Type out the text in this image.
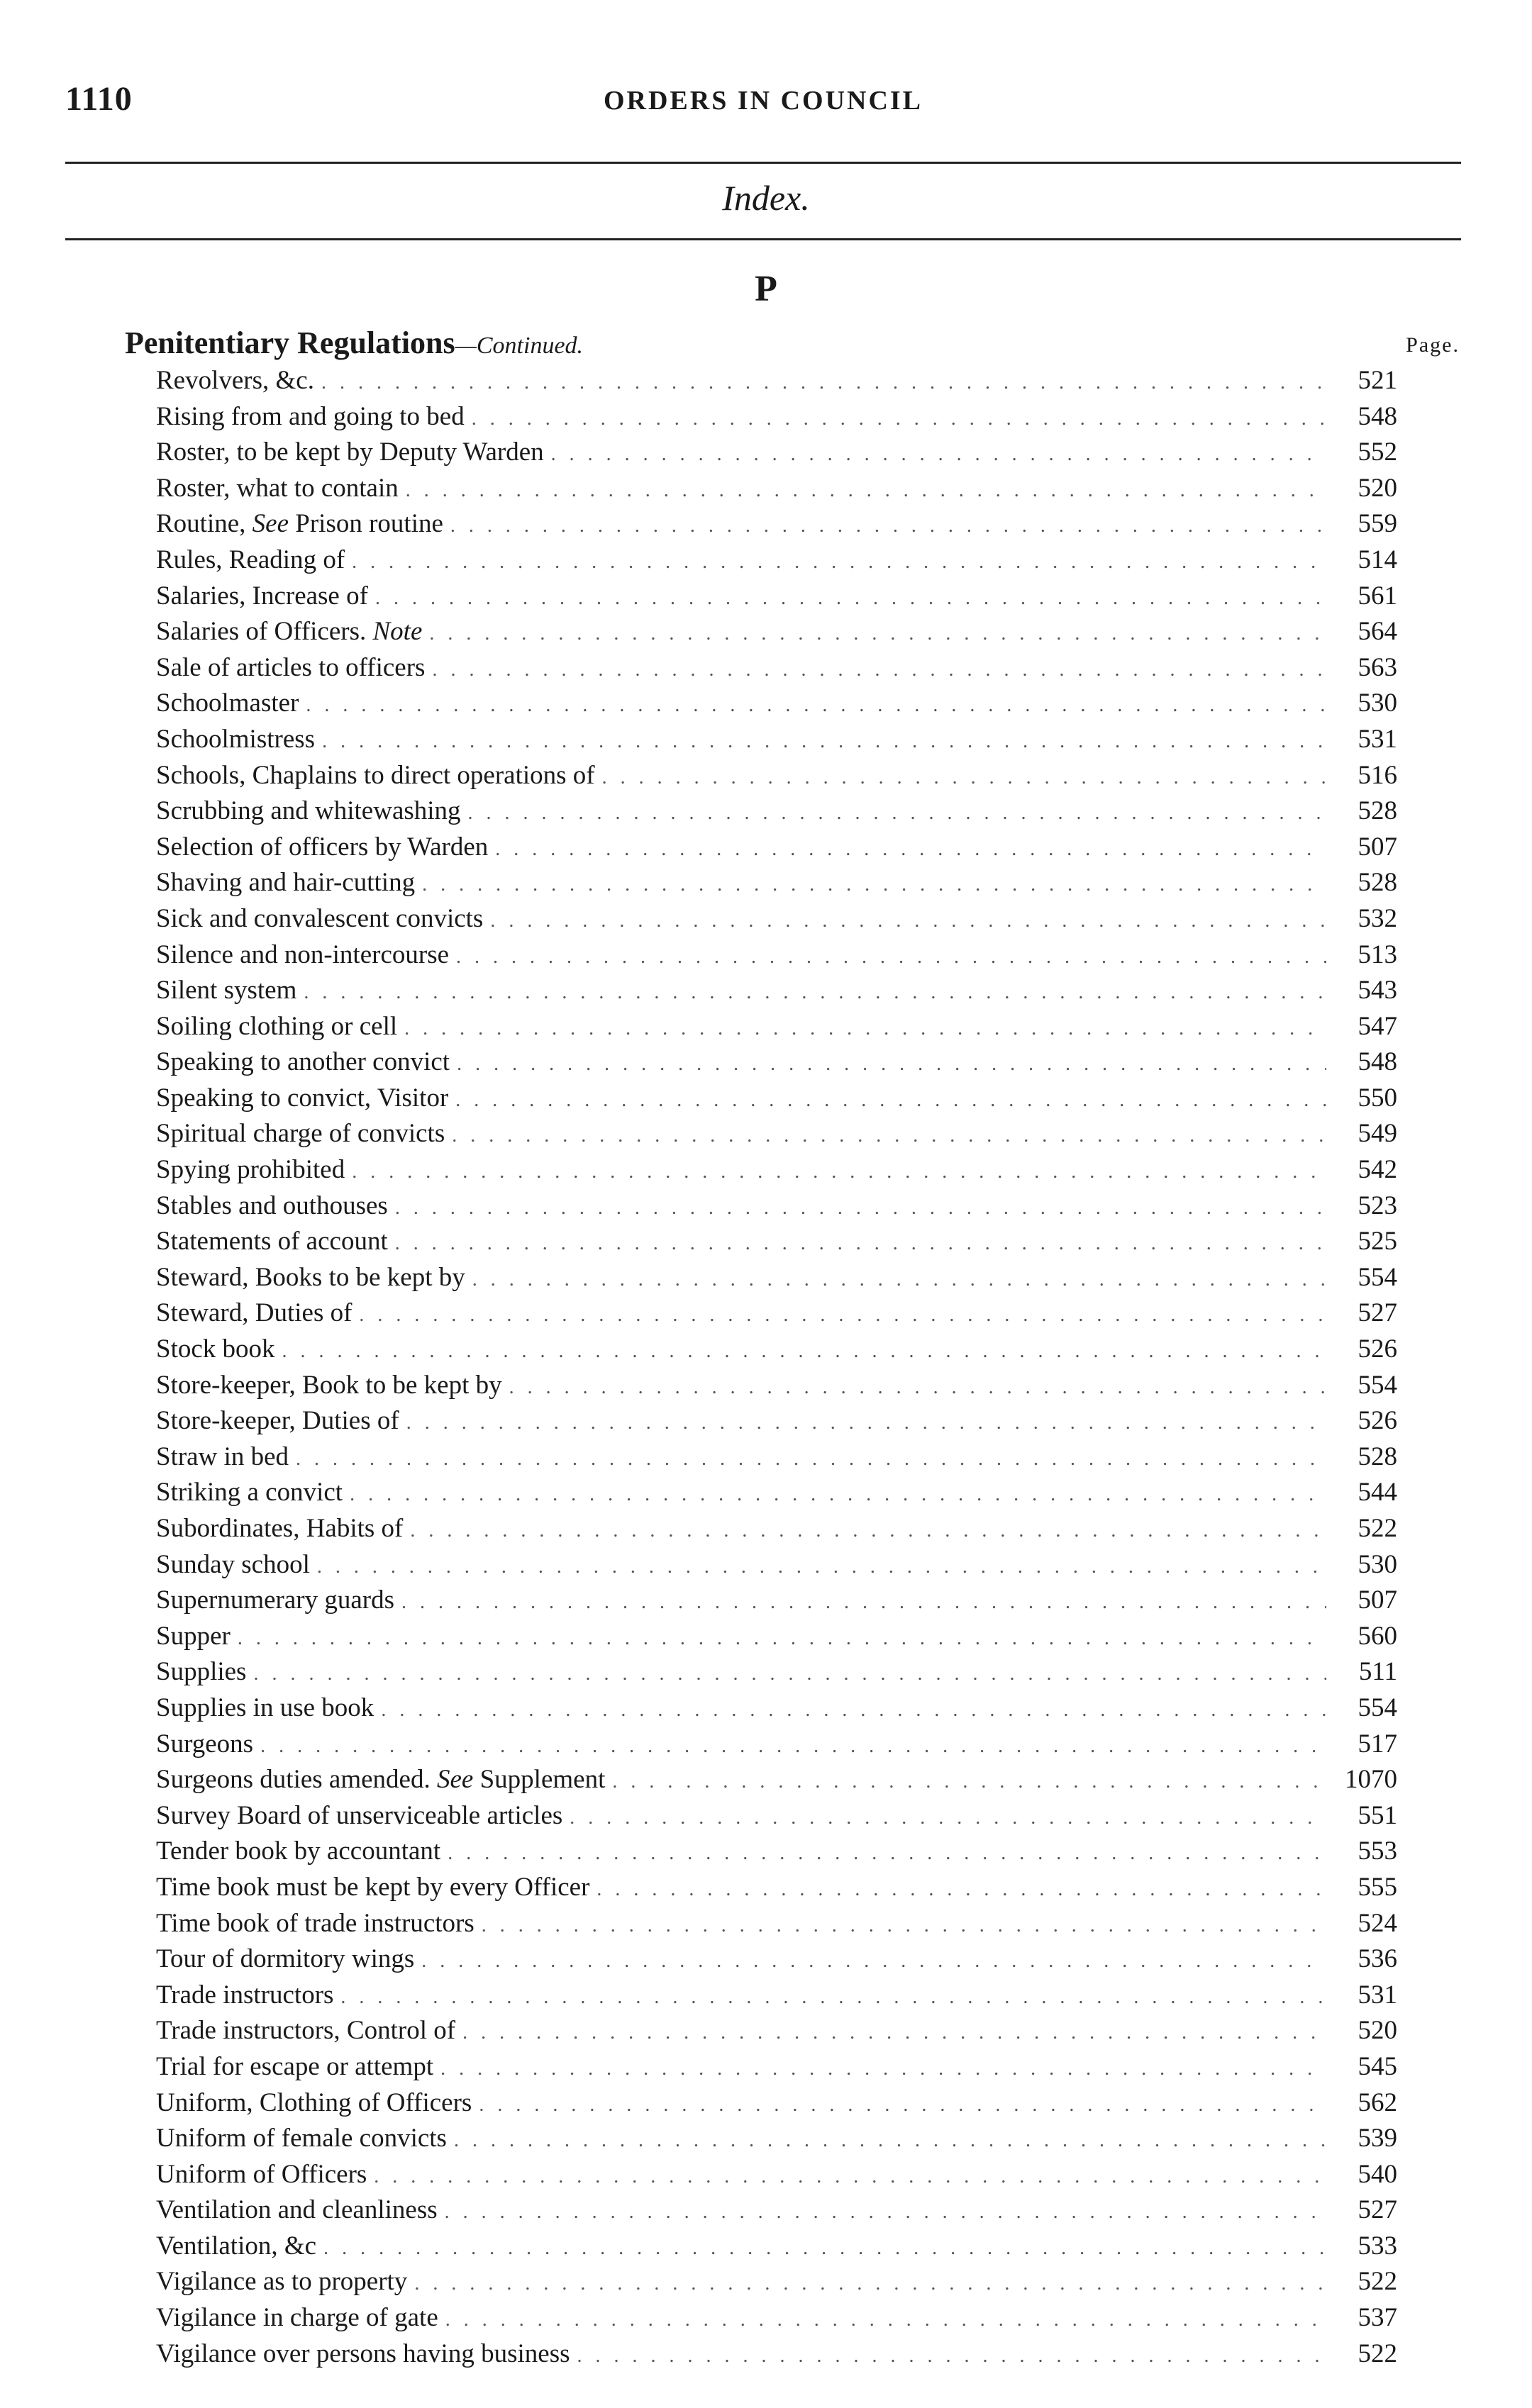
1110	ORDERS IN COUNCIL
Index.
P
Penitentiary Regulations—Continued.	Page.
Revolvers, &c. . . .	521
Rising from and going to bed . . .	548
Roster, to be kept by Deputy Warden . . .	552
Roster, what to contain . . .	520
Routine, See Prison routine . . .	559
Rules, Reading of . . .	514
Salaries, Increase of . . .	561
Salaries of Officers. Note . . .	564
Sale of articles to officers . . .	563
Schoolmaster . . .	530
Schoolmistress . . .	531
Schools, Chaplains to direct operations of . . .	516
Scrubbing and whitewashing . . .	528
Selection of officers by Warden . . .	507
Shaving and hair-cutting . . .	528
Sick and convalescent convicts . . .	532
Silence and non-intercourse . . .	513
Silent system . . .	543
Soiling clothing or cell . . .	547
Speaking to another convict . . .	548
Speaking to convict, Visitor . . .	550
Spiritual charge of convicts . . .	549
Spying prohibited . . .	542
Stables and outhouses . . .	523
Statements of account . . .	525
Steward, Books to be kept by . . .	554
Steward, Duties of . . .	527
Stock book . . .	526
Store-keeper, Book to be kept by . . .	554
Store-keeper, Duties of . . .	526
Straw in bed . . .	528
Striking a convict . . .	544
Subordinates, Habits of . . .	522
Sunday school . . .	530
Supernumerary guards . . .	507
Supper . . .	560
Supplies . . .	511
Supplies in use book . . .	554
Surgeons . . .	517
Surgeons duties amended. See Supplement . . .	1070
Survey Board of unserviceable articles . . .	551
Tender book by accountant . . .	553
Time book must be kept by every Officer . . .	555
Time book of trade instructors . . .	524
Tour of dormitory wings . . .	536
Trade instructors . . .	531
Trade instructors, Control of . . .	520
Trial for escape or attempt . . .	545
Uniform, Clothing of Officers . . .	562
Uniform of female convicts . . .	539
Uniform of Officers . . .	540
Ventilation and cleanliness . . .	527
Ventilation, &c . . .	533
Vigilance as to property . . .	522
Vigilance in charge of gate . . .	537
Vigilance over persons having business . . .	522
